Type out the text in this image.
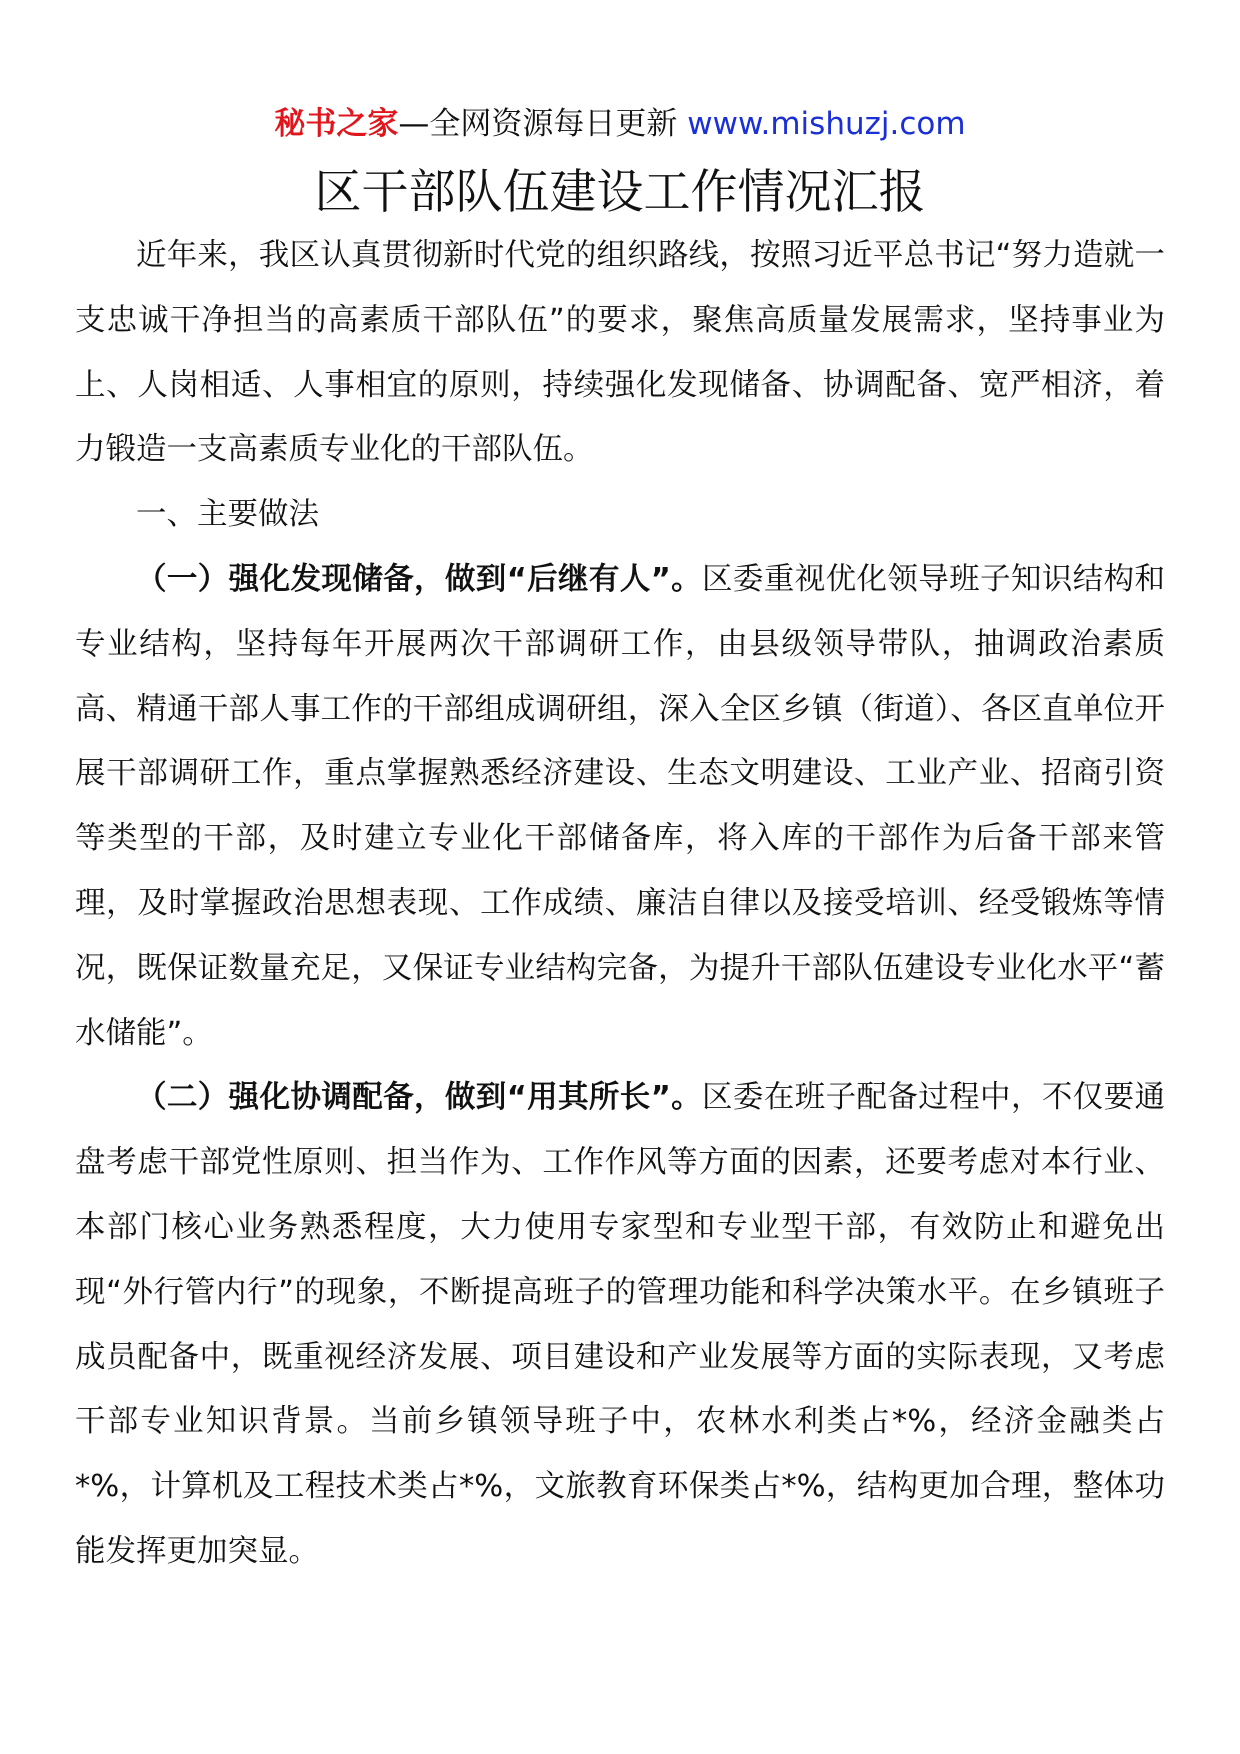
秘书之家—全网资源每日更新 www.mishuzj.com
区干部队伍建设工作情况汇报

近年来，我区认真贯彻新时代党的组织路线，按照习近平总书记“努力造就一支忠诚干净担当的高素质干部队伍”的要求，聚焦高质量发展需求，坚持事业为上、人岗相适、人事相宜的原则，持续强化发现储备、协调配备、宽严相济，着力锻造一支高素质专业化的干部队伍。

一、主要做法

（一）强化发现储备，做到“后继有人”。区委重视优化领导班子知识结构和专业结构，坚持每年开展两次干部调研工作，由县级领导带队，抽调政治素质高、精通干部人事工作的干部组成调研组，深入全区乡镇（街道）、各区直单位开展干部调研工作，重点掌握熟悉经济建设、生态文明建设、工业产业、招商引资等类型的干部，及时建立专业化干部储备库，将入库的干部作为后备干部来管理，及时掌握政治思想表现、工作成绩、廉洁自律以及接受培训、经受锻炼等情况，既保证数量充足，又保证专业结构完备，为提升干部队伍建设专业化水平“蓄水储能”。

（二）强化协调配备，做到“用其所长”。区委在班子配备过程中，不仅要通盘考虑干部党性原则、担当作为、工作作风等方面的因素，还要考虑对本行业、本部门核心业务熟悉程度，大力使用专家型和专业型干部，有效防止和避免出现“外行管内行”的现象，不断提高班子的管理功能和科学决策水平。在乡镇班子成员配备中，既重视经济发展、项目建设和产业发展等方面的实际表现，又考虑干部专业知识背景。当前乡镇领导班子中，农林水利类占*%，经济金融类占*%，计算机及工程技术类占*%，文旅教育环保类占*%，结构更加合理，整体功能发挥更加突显。
